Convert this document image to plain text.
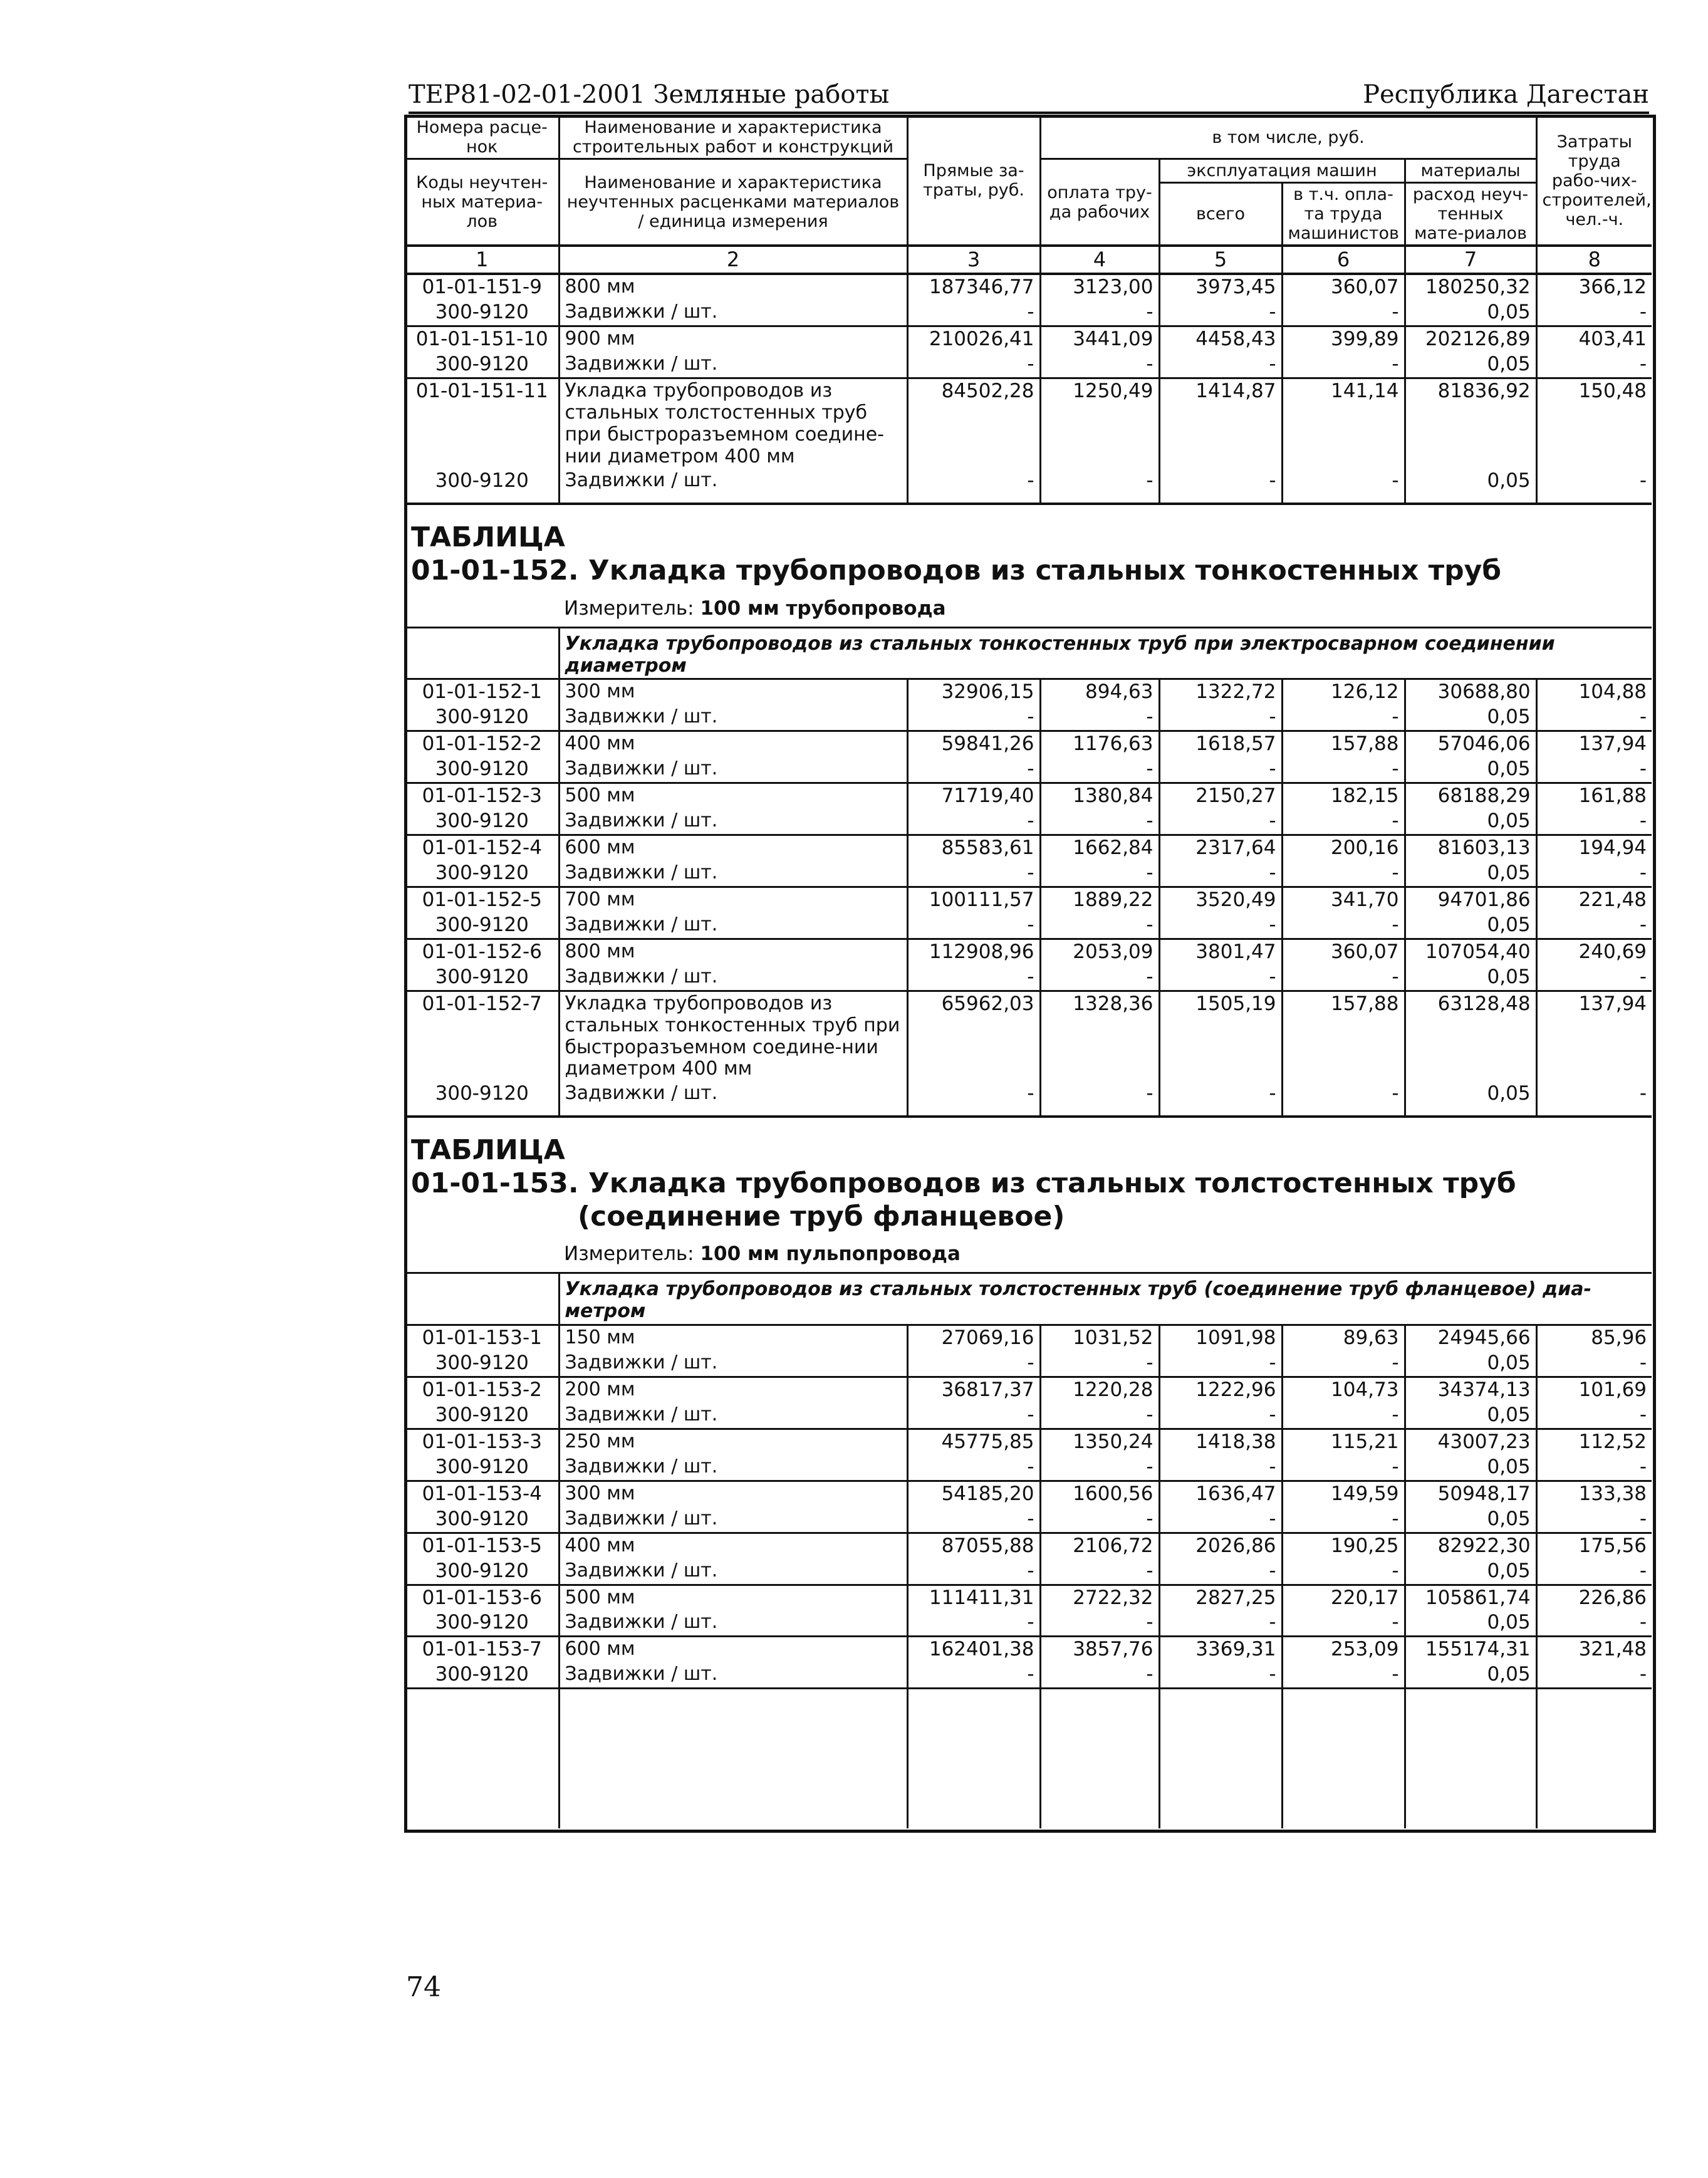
ТЕР81-02-01-2001 Земляные работы	Республика Дагестан
Номера расце-нок	Наименование и характеристика строительных работ и конструкций	Прямые за-траты, руб.	в том числе, руб.				Затраты труда рабо-чих-строителей, чел.-ч.
Коды неучтен-ных материа-лов	Наименование и характеристика неучтенных расценками материалов / единица измерения		оплата тру-да рабочих	эксплуатация машин		материалы	
				всего	в т.ч. опла-та труда машинистов	расход неуч-тенных мате-риалов	
1	2	3	4	5	6	7	8
01-01-151-9	800 мм	187346,77	3123,00	3973,45	360,07	180250,32	366,12
300-9120	Задвижки / шт.	-	-	-	-	0,05	-
01-01-151-10	900 мм	210026,41	3441,09	4458,43	399,89	202126,89	403,41
300-9120	Задвижки / шт.	-	-	-	-	0,05	-
01-01-151-11	Укладка трубопроводов из стальных толстостенных труб при быстроразъемном соедине-нии диаметром 400 мм	84502,28	1250,49	1414,87	141,14	81836,92	150,48
300-9120	Задвижки / шт.	-	-	-	-	0,05	-

ТАБЛИЦА01-01-152. Укладка трубопроводов из стальных тонкостенных труб							
	Измеритель: 100 мм трубопровода						
	Укладка трубопроводов из стальных тонкостенных труб при электросварном соединении диаметром						
01-01-152-1	300 мм	32906,15	894,63	1322,72	126,12	30688,80	104,88
300-9120	Задвижки / шт.	-	-	-	-	0,05	-
01-01-152-2	400 мм	59841,26	1176,63	1618,57	157,88	57046,06	137,94
300-9120	Задвижки / шт.	-	-	-	-	0,05	-
01-01-152-3	500 мм	71719,40	1380,84	2150,27	182,15	68188,29	161,88
300-9120	Задвижки / шт.	-	-	-	-	0,05	-
01-01-152-4	600 мм	85583,61	1662,84	2317,64	200,16	81603,13	194,94
300-9120	Задвижки / шт.	-	-	-	-	0,05	-
01-01-152-5	700 мм	100111,57	1889,22	3520,49	341,70	94701,86	221,48
300-9120	Задвижки / шт.	-	-	-	-	0,05	-
01-01-152-6	800 мм	112908,96	2053,09	3801,47	360,07	107054,40	240,69
300-9120	Задвижки / шт.	-	-	-	-	0,05	-
01-01-152-7	Укладка трубопроводов из стальных тонкостенных труб при быстроразъемном соедине-нии диаметром 400 мм	65962,03	1328,36	1505,19	157,88	63128,48	137,94
300-9120	Задвижки / шт.	-	-	-	-	0,05	-

ТАБЛИЦА
01-01-153. Укладка трубопроводов из стальных толстостенных труб
(соединение труб фланцевое)							

	Измеритель: 100 мм пульпопровода						
	Укладка трубопроводов из стальных толстостенных труб (соединение труб фланцевое) диа-метром						
01-01-153-1	150 мм	27069,16	1031,52	1091,98	89,63	24945,66	85,96
300-9120	Задвижки / шт.	-	-	-	-	0,05	-
01-01-153-2	200 мм	36817,37	1220,28	1222,96	104,73	34374,13	101,69
300-9120	Задвижки / шт.	-	-	-	-	0,05	-
01-01-153-3	250 мм	45775,85	1350,24	1418,38	115,21	43007,23	112,52
300-9120	Задвижки / шт.	-	-	-	-	0,05	-
01-01-153-4	300 мм	54185,20	1600,56	1636,47	149,59	50948,17	133,38
300-9120	Задвижки / шт.	-	-	-	-	0,05	-
01-01-153-5	400 мм	87055,88	2106,72	2026,86	190,25	82922,30	175,56
300-9120	Задвижки / шт.	-	-	-	-	0,05	-
01-01-153-6	500 мм	111411,31	2722,32	2827,25	220,17	105861,74	226,86
300-9120	Задвижки / шт.	-	-	-	-	0,05	-
01-01-153-7	600 мм	162401,38	3857,76	3369,31	253,09	155174,31	321,48
300-9120	Задвижки / шт.	-	-	-	-	0,05	-

74
